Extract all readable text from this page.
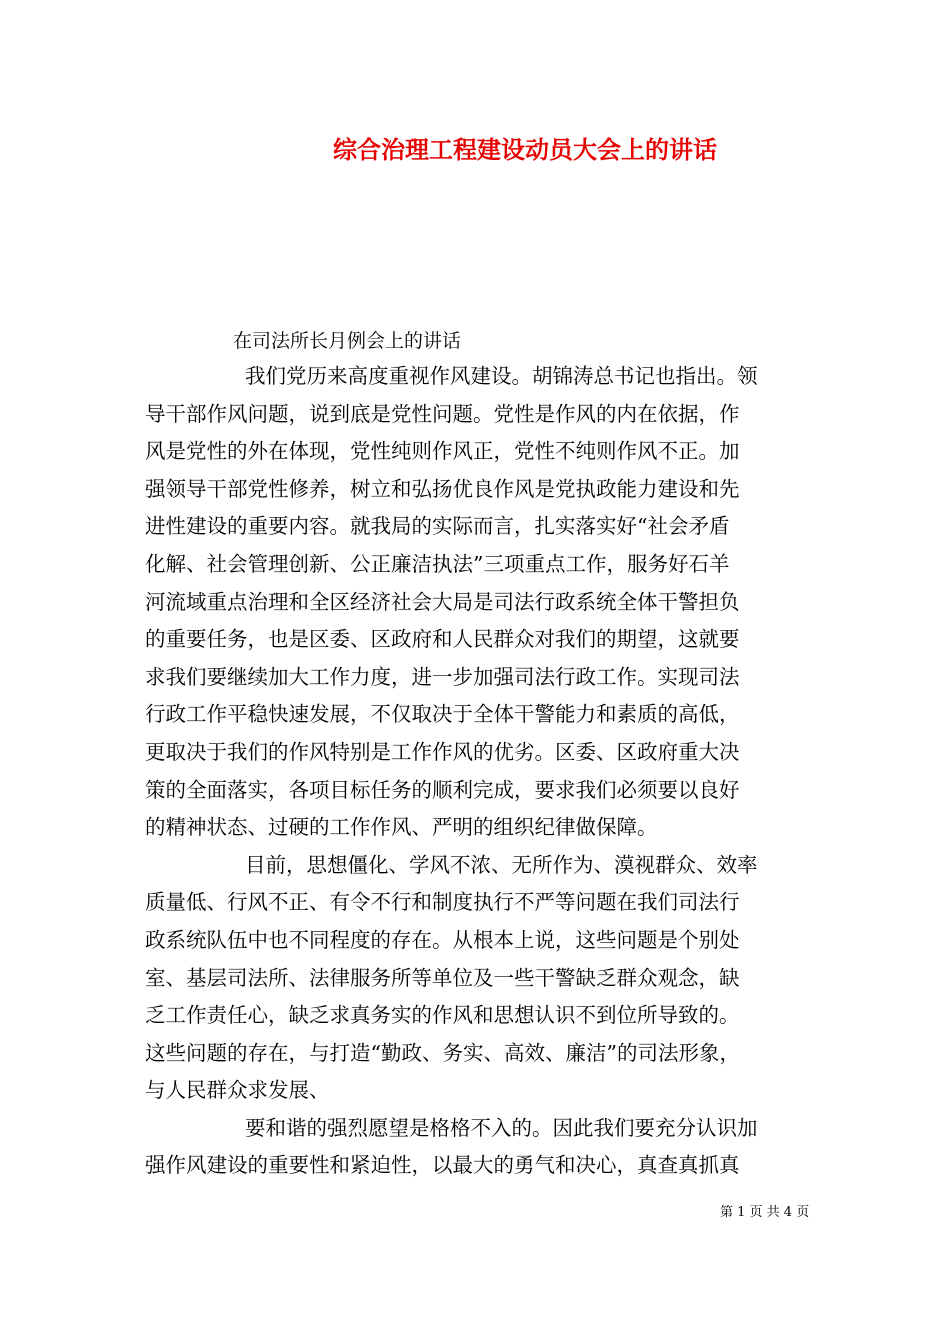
综合治理工程建设动员大会上的讲话
在司法所长月例会上的讲话
我们党历来高度重视作风建设。胡锦涛总书记也指出。领
导干部作风问题，说到底是党性问题。党性是作风的内在依据，作
风是党性的外在体现，党性纯则作风正，党性不纯则作风不正。加
强领导干部党性修养，树立和弘扬优良作风是党执政能力建设和先
进性建设的重要内容。就我局的实际而言，扎实落实好“社会矛盾
化解、社会管理创新、公正廉洁执法”三项重点工作，服务好石羊
河流域重点治理和全区经济社会大局是司法行政系统全体干警担负
的重要任务，也是区委、区政府和人民群众对我们的期望，这就要
求我们要继续加大工作力度，进一步加强司法行政工作。实现司法
行政工作平稳快速发展，不仅取决于全体干警能力和素质的高低，
更取决于我们的作风特别是工作作风的优劣。区委、区政府重大决
策的全面落实，各项目标任务的顺利完成，要求我们必须要以良好
的精神状态、过硬的工作作风、严明的组织纪律做保障。
目前，思想僵化、学风不浓、无所作为、漠视群众、效率
质量低、行风不正、有令不行和制度执行不严等问题在我们司法行
政系统队伍中也不同程度的存在。从根本上说，这些问题是个别处
室、基层司法所、法律服务所等单位及一些干警缺乏群众观念，缺
乏工作责任心，缺乏求真务实的作风和思想认识不到位所导致的。
这些问题的存在，与打造“勤政、务实、高效、廉洁”的司法形象，
与人民群众求发展、
要和谐的强烈愿望是格格不入的。因此我们要充分认识加
强作风建设的重要性和紧迫性，以最大的勇气和决心，真查真抓真
第 1 页 共 4 页
